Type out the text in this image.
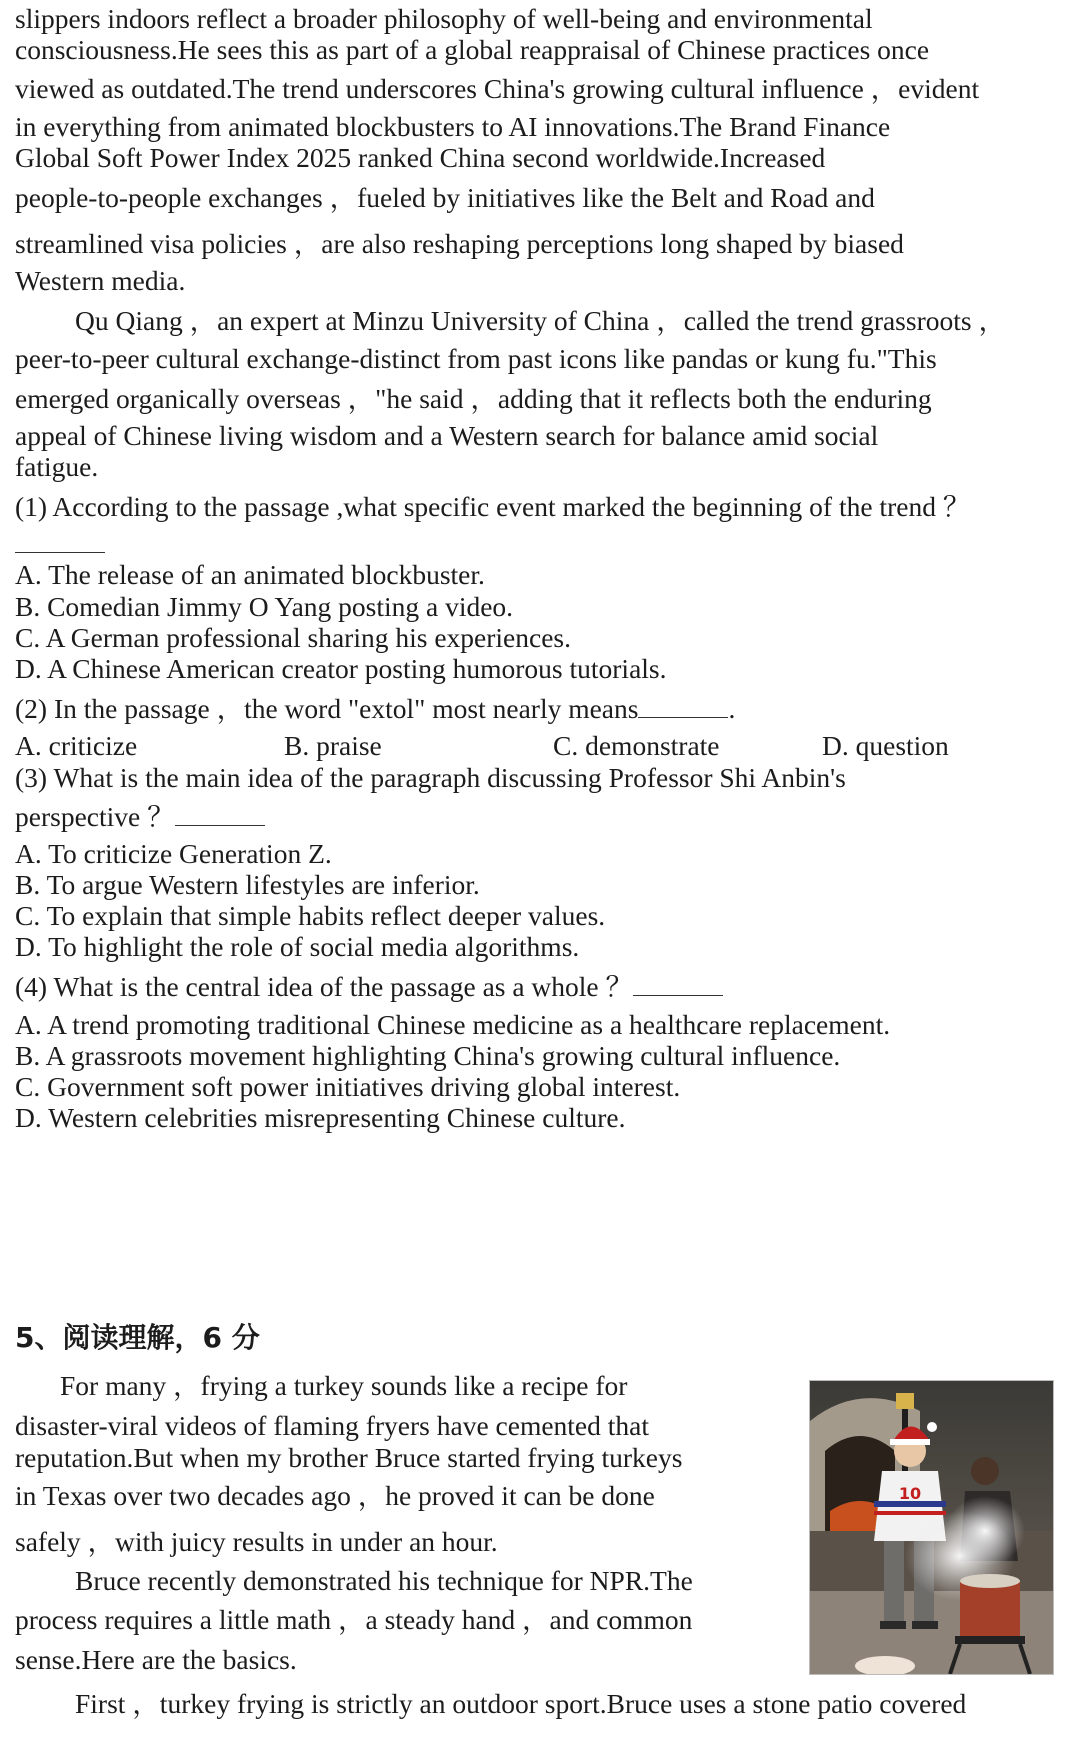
slippers indoors reflect a broader philosophy of well-being and environmental

consciousness.He sees this as part of a global reappraisal of Chinese practices once

viewed as outdated.The trend underscores China's growing cultural influence ，evident

in everything from animated blockbusters to AI innovations.The Brand Finance

Global Soft Power Index 2025 ranked China second worldwide.Increased

people-to-people exchanges ，fueled by initiatives like the Belt and Road and

streamlined visa policies ，are also reshaping perceptions long shaped by biased

Western media.

Qu Qiang ，an expert at Minzu University of China ，called the trend grassroots ，

peer-to-peer cultural exchange-distinct from past icons like pandas or kung fu."This

emerged organically overseas ，"he said ，adding that it reflects both the enduring

appeal of Chinese living wisdom and a Western search for balance amid social

fatigue.

(1) According to the passage ,what specific event marked the beginning of the trend ？

A. The release of an animated blockbuster.

B. Comedian Jimmy O Yang posting a video.

C. A German professional sharing his experiences.

D. A Chinese American creator posting humorous tutorials.

(2) In the passage ，the word "extol" most nearly means	.

A. criticize	B. praise	C. demonstrate	D. question

(3) What is the main idea of the paragraph discussing Professor Shi Anbin's

perspective ？

A. To criticize Generation Z.

B. To argue Western lifestyles are inferior.

C. To explain that simple habits reflect deeper values.

D. To highlight the role of social media algorithms.

(4) What is the central idea of the passage as a whole ？

A. A trend promoting traditional Chinese medicine as a healthcare replacement.

B. A grassroots movement highlighting China's growing cultural influence.

C. Government soft power initiatives driving global interest.

D. Western celebrities misrepresenting Chinese culture.

5、阅读理解，6 分

For many ，frying a turkey sounds like a recipe for

disaster-viral videos of flaming fryers have cemented that

reputation.But when my brother Bruce started frying turkeys

in Texas over two decades ago ，he proved it can be done

safely ，with juicy results in under an hour.

Bruce recently demonstrated his technique for NPR.The

process requires a little math ，a steady hand ，and common

sense.Here are the basics.

First ，turkey frying is strictly an outdoor sport.Bruce uses a stone patio covered

10
